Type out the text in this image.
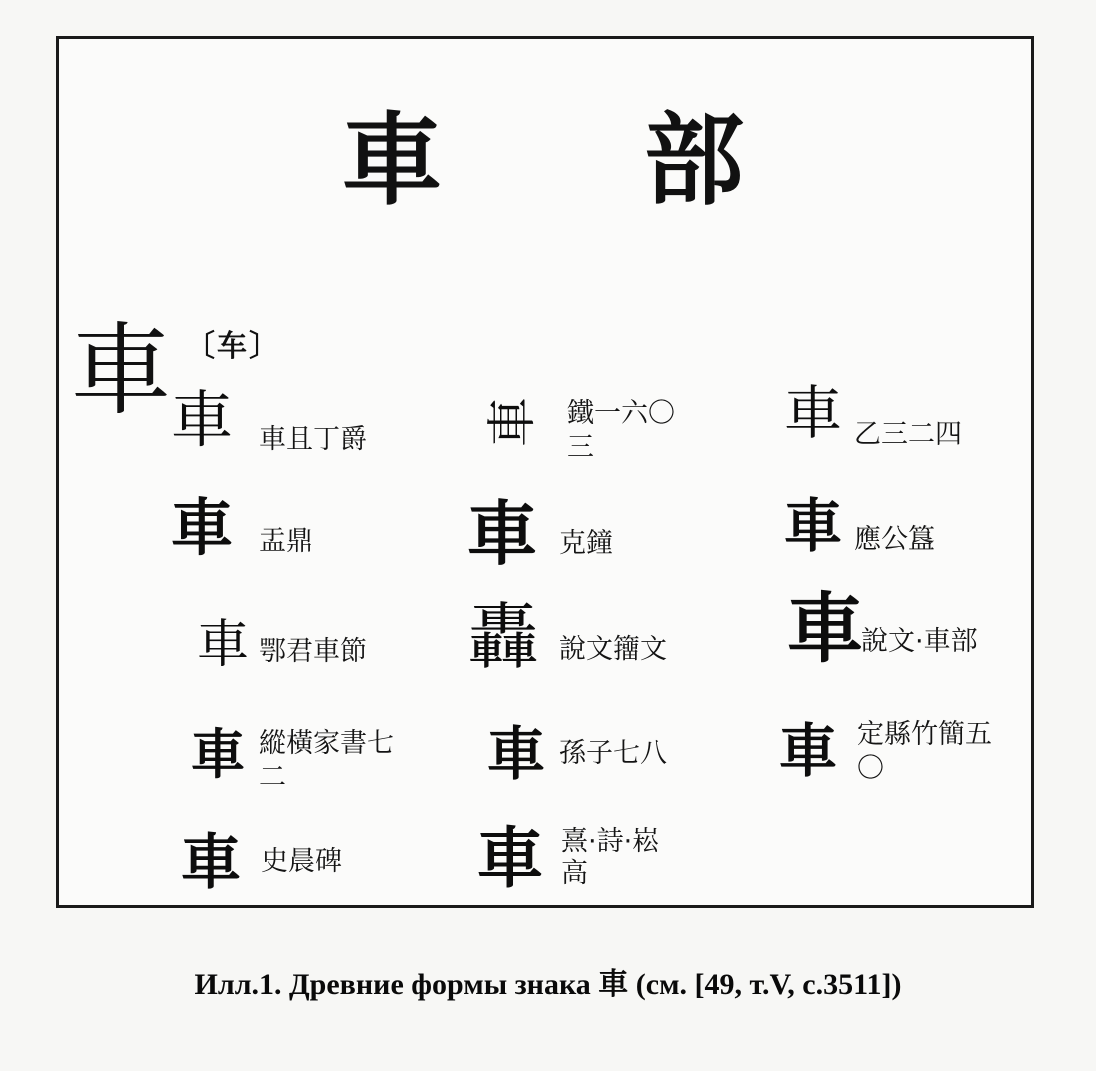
車 部
車 〔车〕
車 車且丁爵 車 鐵一六〇
三
車 乙三二四
車 盂鼎 車 克鐘	車 應公簋
車 鄂君車節 轟 說文籒文 車
說文·車部
車 縱橫家書七
二	車 孫子七八 車 定縣竹簡五
〇
車 史晨碑 車 熹·詩·崧
高
Илл.1. Древние формы знака 車 (см. [49, т.V, с.3511])
